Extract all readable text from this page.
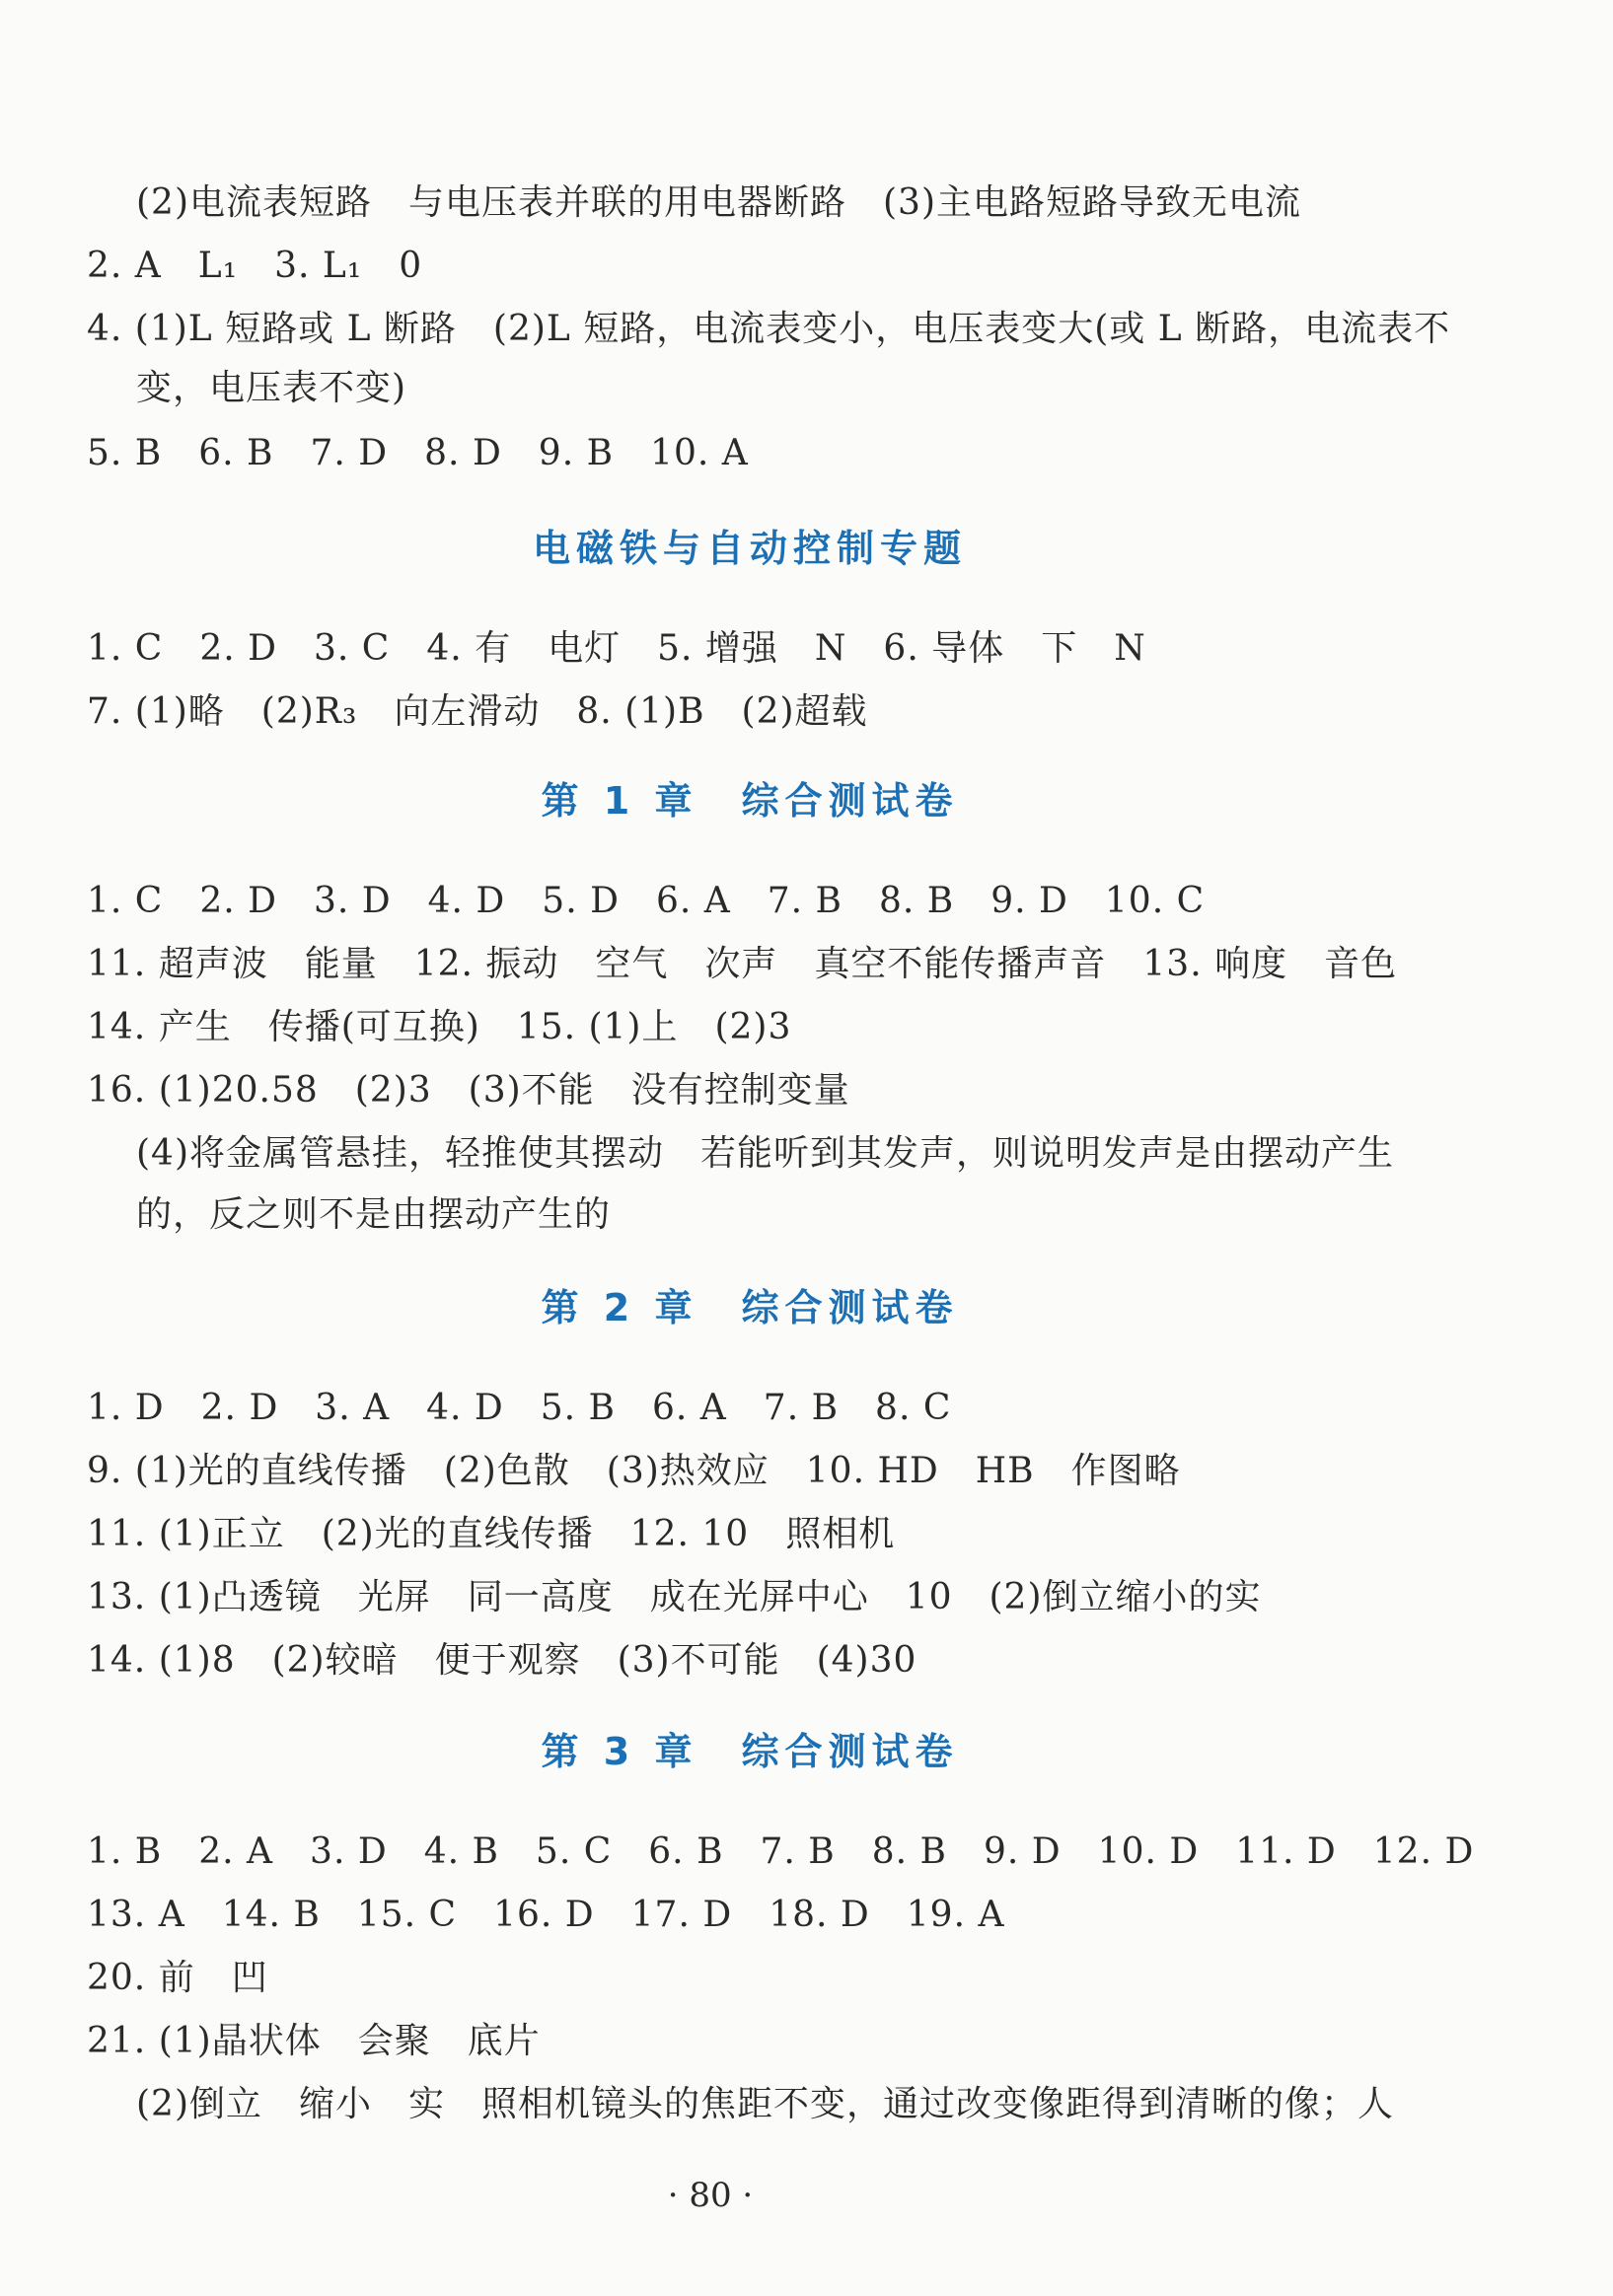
(2)电流表短路　与电压表并联的用电器断路　(3)主电路短路导致无电流
2. A　L₁　3. L₁　0
4. (1)L 短路或 L 断路　(2)L 短路，电流表变小，电压表变大(或 L 断路，电流表不
变，电压表不变)
5. B　6. B　7. D　8. D　9. B　10. A
电磁铁与自动控制专题
1. C　2. D　3. C　4. 有　电灯　5. 增强　N　6. 导体　下　N
7. (1)略　(2)R₃　向左滑动　8. (1)B　(2)超载
第 1 章　综合测试卷
1. C　2. D　3. D　4. D　5. D　6. A　7. B　8. B　9. D　10. C
11. 超声波　能量　12. 振动　空气　次声　真空不能传播声音　13. 响度　音色
14. 产生　传播(可互换)　15. (1)上　(2)3
16. (1)20.58　(2)3　(3)不能　没有控制变量
(4)将金属管悬挂，轻推使其摆动　若能听到其发声，则说明发声是由摆动产生
的，反之则不是由摆动产生的
第 2 章　综合测试卷
1. D　2. D　3. A　4. D　5. B　6. A　7. B　8. C
9. (1)光的直线传播　(2)色散　(3)热效应　10. HD　HB　作图略
11. (1)正立　(2)光的直线传播　12. 10　照相机
13. (1)凸透镜　光屏　同一高度　成在光屏中心　10　(2)倒立缩小的实
14. (1)8　(2)较暗　便于观察　(3)不可能　(4)30
第 3 章　综合测试卷
1. B　2. A　3. D　4. B　5. C　6. B　7. B　8. B　9. D　10. D　11. D　12. D
13. A　14. B　15. C　16. D　17. D　18. D　19. A
20. 前　凹
21. (1)晶状体　会聚　底片
(2)倒立　缩小　实　照相机镜头的焦距不变，通过改变像距得到清晰的像；人
· 80 ·
